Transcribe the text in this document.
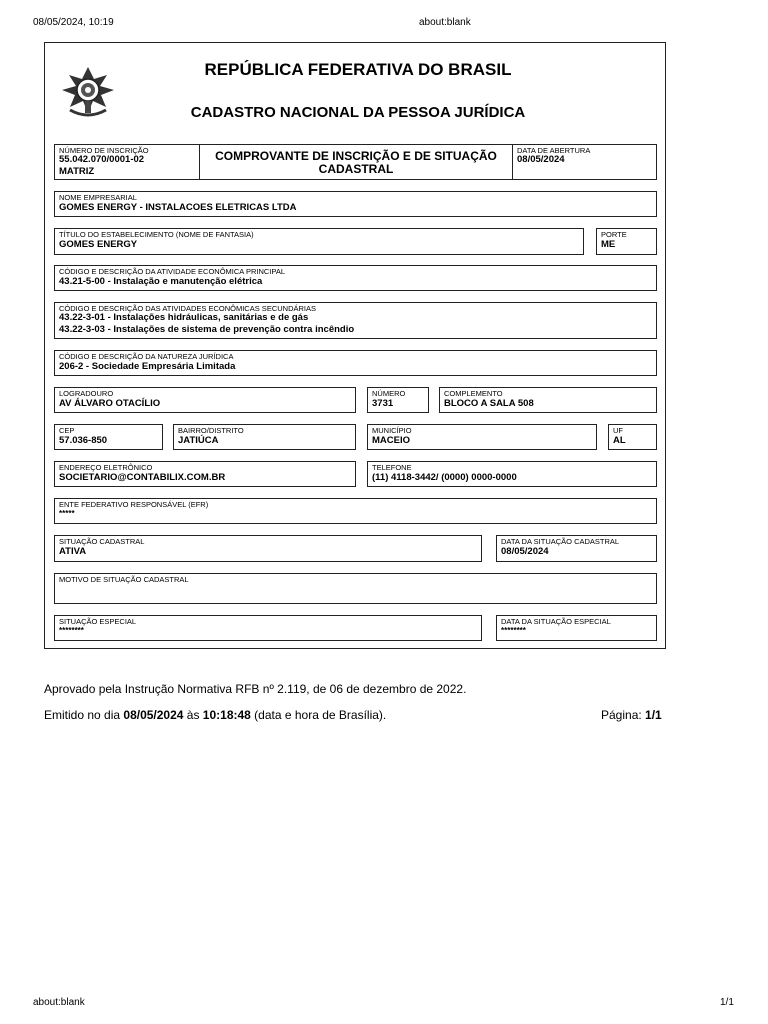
08/05/2024, 10:19	about:blank
REPÚBLICA FEDERATIVA DO BRASIL
CADASTRO NACIONAL DA PESSOA JURÍDICA
NÚMERO DE INSCRIÇÃO
55.042.070/0001-02
MATRIZ
COMPROVANTE DE INSCRIÇÃO E DE SITUAÇÃO
CADASTRAL
DATA DE ABERTURA
08/05/2024
NOME EMPRESARIAL
GOMES ENERGY - INSTALACOES ELETRICAS LTDA
TÍTULO DO ESTABELECIMENTO (NOME DE FANTASIA)
GOMES ENERGY
PORTE
ME
CÓDIGO E DESCRIÇÃO DA ATIVIDADE ECONÔMICA PRINCIPAL
43.21-5-00 - Instalação e manutenção elétrica
CÓDIGO E DESCRIÇÃO DAS ATIVIDADES ECONÔMICAS SECUNDÁRIAS
43.22-3-01 - Instalações hidráulicas, sanitárias e de gás
43.22-3-03 - Instalações de sistema de prevenção contra incêndio
CÓDIGO E DESCRIÇÃO DA NATUREZA JURÍDICA
206-2 - Sociedade Empresária Limitada
LOGRADOURO
AV ÁLVARO OTACÍLIO
NÚMERO
3731
COMPLEMENTO
BLOCO A SALA 508
CEP
57.036-850
BAIRRO/DISTRITO
JATIÚCA
MUNICÍPIO
MACEIO
UF
AL
ENDEREÇO ELETRÔNICO
SOCIETARIO@CONTABILIX.COM.BR
TELEFONE
(11) 4118-3442/ (0000) 0000-0000
ENTE FEDERATIVO RESPONSÁVEL (EFR)
*****
SITUAÇÃO CADASTRAL
ATIVA
DATA DA SITUAÇÃO CADASTRAL
08/05/2024
MOTIVO DE SITUAÇÃO CADASTRAL
SITUAÇÃO ESPECIAL
********
DATA DA SITUAÇÃO ESPECIAL
********
Aprovado pela Instrução Normativa RFB nº 2.119, de 06 de dezembro de 2022.
Emitido no dia 08/05/2024 às 10:18:48 (data e hora de Brasília).	Página: 1/1
about:blank	1/1
